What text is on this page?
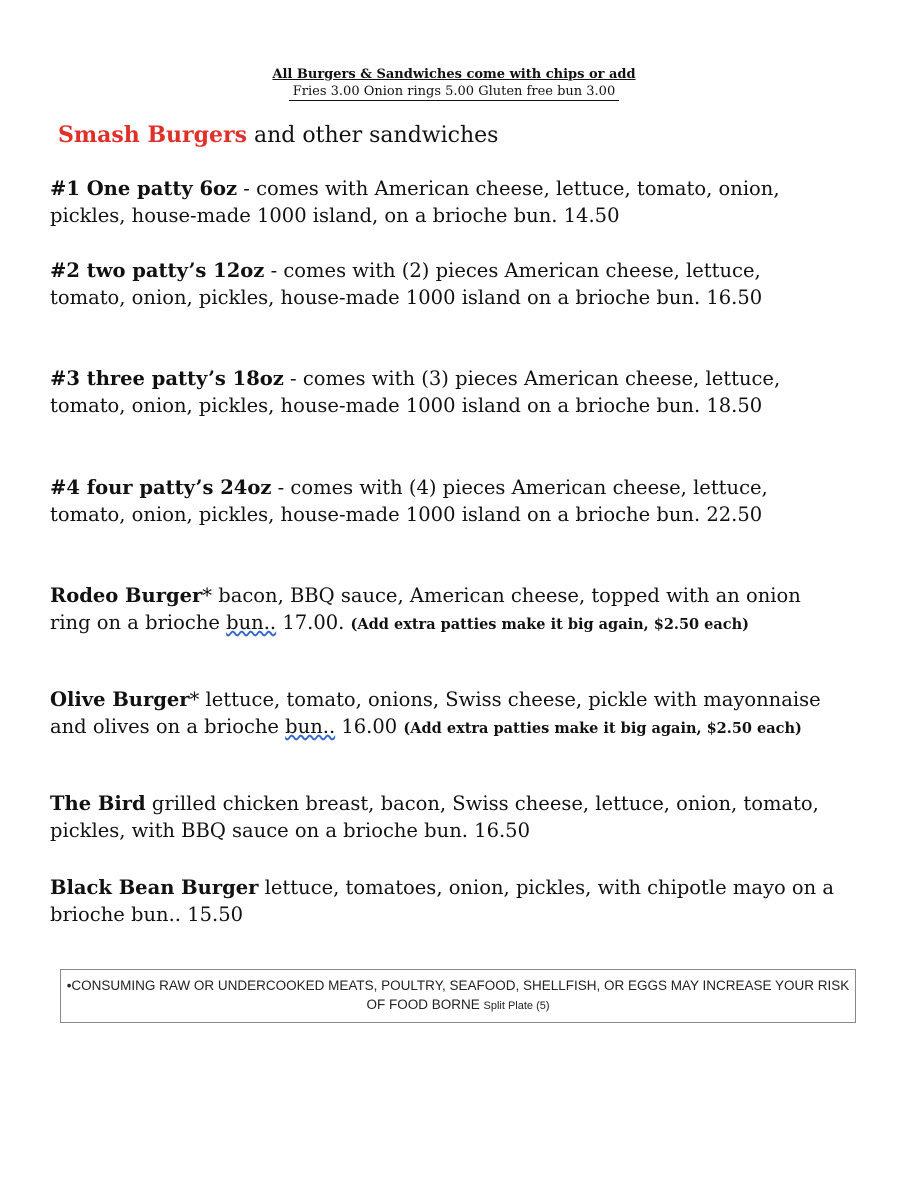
All Burgers & Sandwiches come with chips or add
Fries 3.00 Onion rings 5.00 Gluten free bun 3.00
Smash Burgers and other sandwiches
#1 One patty 6oz - comes with American cheese, lettuce, tomato, onion, pickles, house-made 1000 island, on a brioche bun. 14.50
#2 two patty’s 12oz - comes with (2) pieces American cheese, lettuce, tomato, onion, pickles, house-made 1000 island on a brioche bun. 16.50
#3 three patty’s 18oz - comes with (3) pieces American cheese, lettuce, tomato, onion, pickles, house-made 1000 island on a brioche bun. 18.50
#4 four patty’s 24oz - comes with (4) pieces American cheese, lettuce, tomato, onion, pickles, house-made 1000 island on a brioche bun. 22.50
Rodeo Burger* bacon, BBQ sauce, American cheese, topped with an onion ring on a brioche bun.. 17.00. (Add extra patties make it big again, $2.50 each)
Olive Burger* lettuce, tomato, onions, Swiss cheese, pickle with mayonnaise and olives on a brioche bun.. 16.00 (Add extra patties make it big again, $2.50 each)
The Bird grilled chicken breast, bacon, Swiss cheese, lettuce, onion, tomato, pickles, with BBQ sauce on a brioche bun. 16.50
Black Bean Burger lettuce, tomatoes, onion, pickles, with chipotle mayo on a brioche bun.. 15.50
•CONSUMING RAW OR UNDERCOOKED MEATS, POULTRY, SEAFOOD, SHELLFISH, OR EGGS MAY INCREASE YOUR RISK OF FOOD BORNE Split Plate (5)
